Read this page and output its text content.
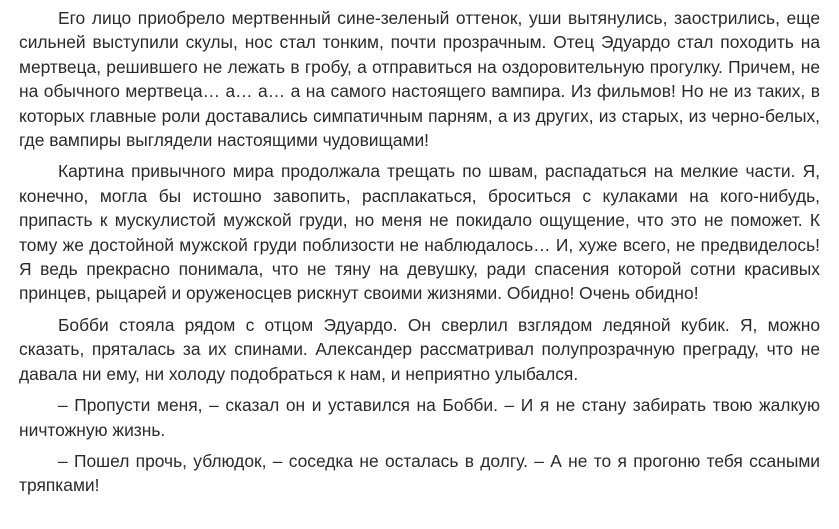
Его лицо приобрело мертвенный сине-зеленый оттенок, уши вытянулись, заострились, еще сильней выступили скулы, нос стал тонким, почти прозрачным. Отец Эдуардо стал походить на мертвеца, решившего не лежать в гробу, а отправиться на оздоровительную прогулку. Причем, не на обычного мертвеца… а… а… а на самого настоящего вампира. Из фильмов! Но не из таких, в которых главные роли доставались симпатичным парням, а из других, из старых, из черно-белых, где вампиры выглядели настоящими чудовищами!

Картина привычного мира продолжала трещать по швам, распадаться на мелкие части. Я, конечно, могла бы истошно завопить, расплакаться, броситься с кулаками на кого-нибудь, припасть к мускулистой мужской груди, но меня не покидало ощущение, что это не поможет. К тому же достойной мужской груди поблизости не наблюдалось… И, хуже всего, не предвиделось! Я ведь прекрасно понимала, что не тяну на девушку, ради спасения которой сотни красивых принцев, рыцарей и оруженосцев рискнут своими жизнями. Обидно! Очень обидно!

Бобби стояла рядом с отцом Эдуардо. Он сверлил взглядом ледяной кубик. Я, можно сказать, пряталась за их спинами. Александер рассматривал полупрозрачную преграду, что не давала ни ему, ни холоду подобраться к нам, и неприятно улыбался.

– Пропусти меня, – сказал он и уставился на Бобби. – И я не стану забирать твою жалкую ничтожную жизнь.

– Пошел прочь, ублюдок, – соседка не осталась в долгу. – А не то я прогоню тебя ссаными тряпками!
